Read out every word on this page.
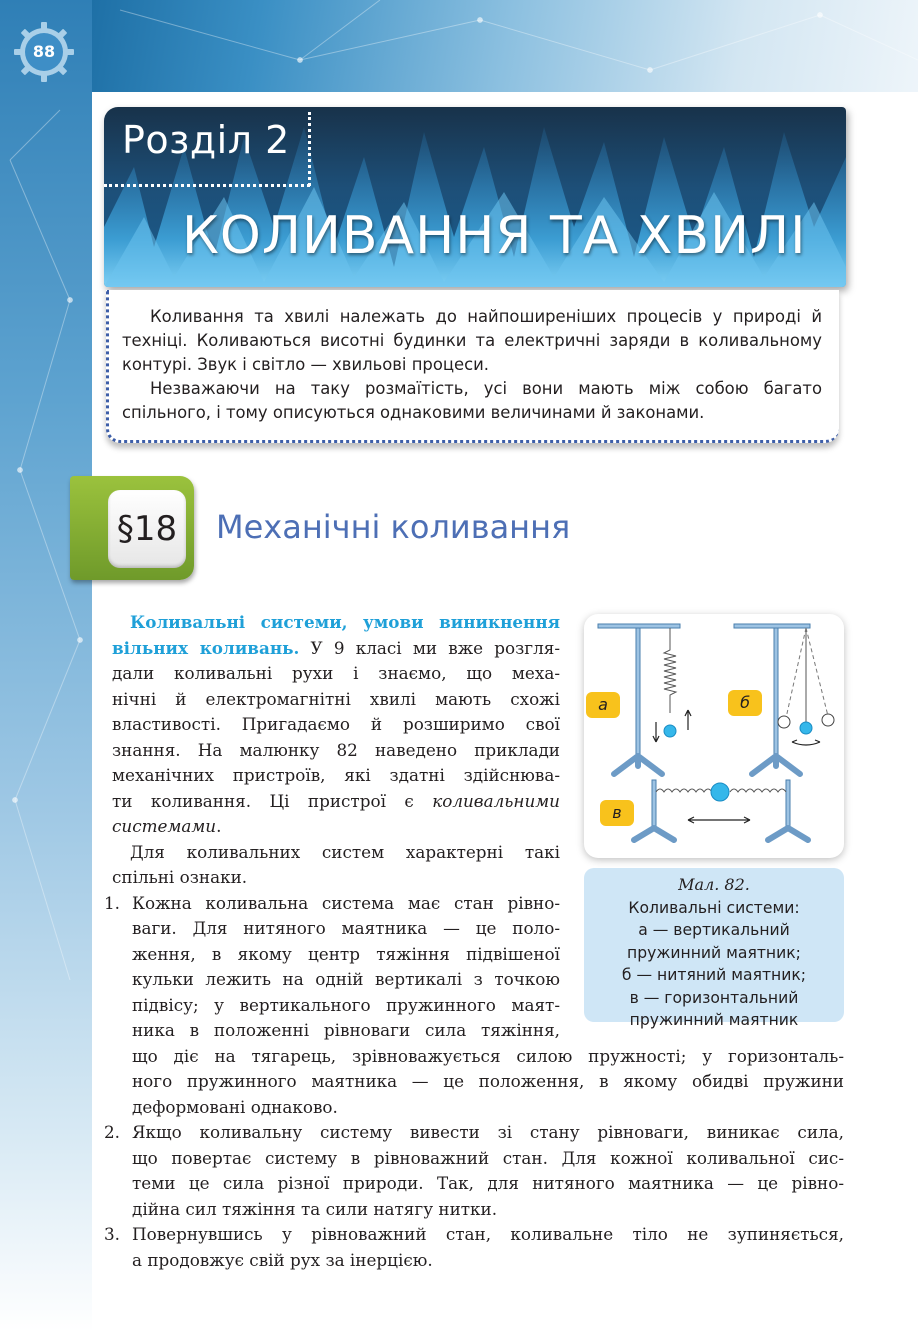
88
Розділ 2
КОЛИВАННЯ ТА ХВИЛІ

Коливання та хвилі належать до найпоширеніших процесів у природі й техніці. Коливаються висотні будинки та електричні заряди в коливальному контурі. Звук і світло — хвильові процеси.

Незважаючи на таку розмаїтість, усі вони мають між собою багато спільного, і тому описуються однаковими величинами й законами.

§18 Механічні коливання

Коливальні системи, умови виникнення

вільних коливань. У 9 класі ми вже розгля-

дали коливальні рухи і знаємо, що меха-

нічні й електромагнітні хвилі мають схожі

властивості. Пригадаємо й розширимо свої

знання. На малюнку 82 наведено приклади

механічних пристроїв, які здатні здійснюва-

ти коливання. Ці пристрої є коливальними

системами.

Для коливальних систем характерні такі

спільні ознаки.

1. Кожна коливальна система має стан рівно-

ваги. Для нитяного маятника — це поло-

ження, в якому центр тяжіння підвішеної

кульки лежить на одній вертикалі з точкою

підвісу; у вертикального пружинного маят-

ника в положенні рівноваги сила тяжіння,

що діє на тягарець, зрівноважується силою пружності; у горизонталь-

ного пружинного маятника — це положення, в якому обидві пружини

деформовані однаково.

2. Якщо коливальну систему вивести зі стану рівноваги, виникає сила,

що повертає систему в рівноважний стан. Для кожної коливальної сис-

теми це сила різної природи. Так, для нитяного маятника — це рівно-

дійна сил тяжіння та сили натягу нитки.

3. Повернувшись у рівноважний стан, коливальне тіло не зупиняється,

а продовжує свій рух за інерцією.

а	б
в
Мал. 82.
Коливальні системи:
а — вертикальний
пружинний маятник;
б — нитяний маятник;
в — горизонтальний
пружинний маятник
